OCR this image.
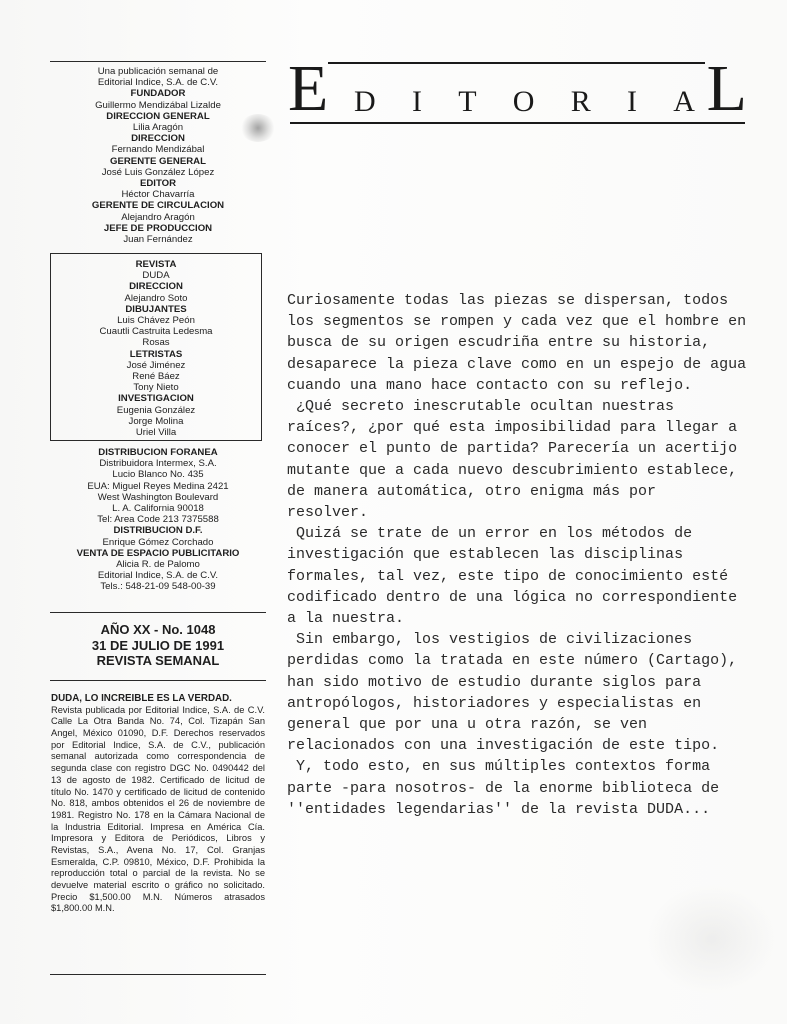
Una publicación semanal de
Editorial Indice, S.A. de C.V.
FUNDADOR
Guillermo Mendizábal Lizalde
DIRECCION GENERAL
Lilia Aragón
DIRECCION
Fernando Mendizábal
GERENTE GENERAL
José Luis González López
EDITOR
Héctor Chavarría
GERENTE DE CIRCULACION
Alejandro Aragón
JEFE DE PRODUCCION
Juan Fernández
REVISTA
DUDA
DIRECCION
Alejandro Soto
DIBUJANTES
Luis Chávez Peón
Cuautli Castruita Ledesma
Rosas
LETRISTAS
José Jiménez
René Báez
Tony Nieto
INVESTIGACION
Eugenia González
Jorge Molina
Uriel Villa
DISTRIBUCION FORANEA
Distribuidora Intermex, S.A.
Lucio Blanco No. 435
EUA: Miguel Reyes Medina 2421
West Washington Boulevard
L. A. California 90018
Tel: Area Code 213 7375588
DISTRIBUCION D.F.
Enrique Gómez Corchado
VENTA DE ESPACIO PUBLICITARIO
Alicia R. de Palomo
Editorial Indice, S.A. de C.V.
Tels.: 548-21-09 548-00-39
AÑO XX - No. 1048
31 DE JULIO DE 1991
REVISTA SEMANAL
DUDA, LO INCREIBLE ES LA VERDAD.
Revista publicada por Editorial Indice, S.A. de C.V. Calle La Otra Banda No. 74, Col. Tizapán San Angel, México 01090, D.F. Derechos reservados por Editorial Indice, S.A. de C.V., publicación semanal autorizada como correspondencia de segunda clase con registro DGC No. 0490442 del 13 de agosto de 1982. Certificado de licitud de título No. 1470 y certificado de licitud de contenido No. 818, ambos obtenidos el 26 de noviembre de 1981. Registro No. 178 en la Cámara Nacional de la Industria Editorial. Impresa en América Cía. Impresora y Editora de Periódicos, Libros y Revistas, S.A., Avena No. 17, Col. Granjas Esmeralda, C.P. 09810, México, D.F. Prohibida la reproducción total o parcial de la revista. No se devuelve material escrito o gráfico no solicitado. Precio $1,500.00 M.N. Números atrasados $1,800.00 M.N.
E D I T O R I A L
Curiosamente todas las piezas se dispersan, todos
los segmentos se rompen y cada vez que el hombre en
busca de su origen escudriña entre su historia,
desaparece la pieza clave como en un espejo de agua
cuando una mano hace contacto con su reflejo.
¿Qué secreto inescrutable ocultan nuestras
raíces?, ¿por qué esta imposibilidad para llegar a
conocer el punto de partida? Parecería un acertijo
mutante que a cada nuevo descubrimiento establece,
de manera automática, otro enigma más por
resolver.
Quizá se trate de un error en los métodos de
investigación que establecen las disciplinas
formales, tal vez, este tipo de conocimiento esté
codificado dentro de una lógica no correspondiente
a la nuestra.
Sin embargo, los vestigios de civilizaciones
perdidas como la tratada en este número (Cartago),
han sido motivo de estudio durante siglos para
antropólogos, historiadores y especialistas en
general que por una u otra razón, se ven
relacionados con una investigación de este tipo.
Y, todo esto, en sus múltiples contextos forma
parte -para nosotros- de la enorme biblioteca de
''entidades legendarias'' de la revista DUDA...
